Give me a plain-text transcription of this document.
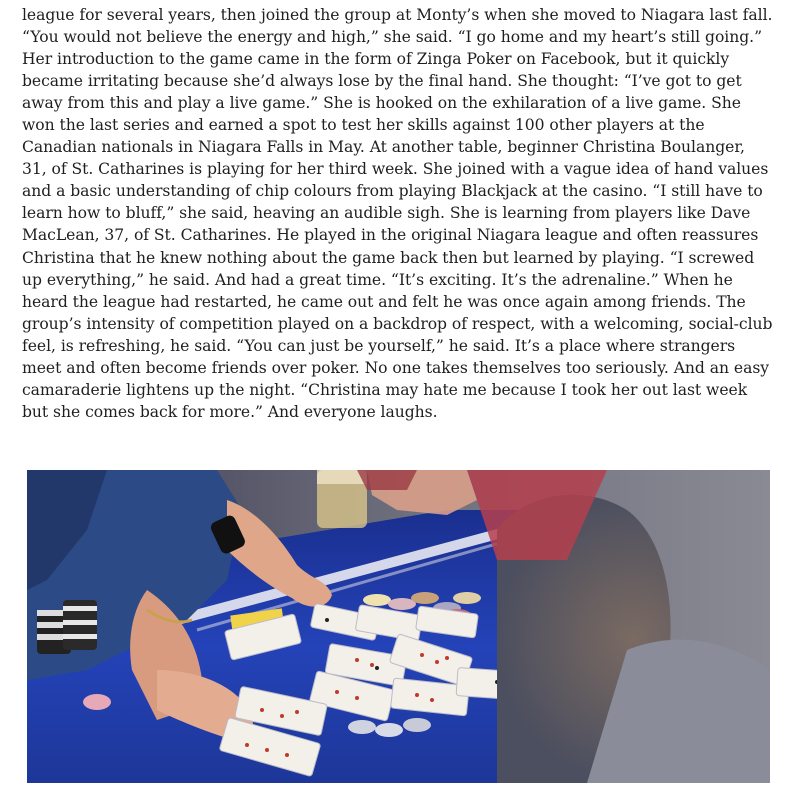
league for several years, then joined the group at Monty’s when she moved to Niagara last fall. “You would not believe the energy and high,” she said. “I go home and my heart’s still going.” Her introduction to the game came in the form of Zinga Poker on Facebook, but it quickly became irritating because she’d always lose by the final hand. She thought: “I’ve got to get away from this and play a live game.” She is hooked on the exhilaration of a live game. She won the last series and earned a spot to test her skills against 100 other players at the Canadian nationals in Niagara Falls in May. At another table, beginner Christina Boulanger, 31, of St. Catharines is playing for her third week. She joined with a vague idea of hand values and a basic understanding of chip colours from playing Blackjack at the casino. “I still have to learn how to bluff,” she said, heaving an audible sigh. She is learning from players like Dave MacLean, 37, of St. Catharines. He played in the original Niagara league and often reassures Christina that he knew nothing about the game back then but learned by playing. “I screwed up everything,” he said. And had a great time. “It’s exciting. It’s the adrenaline.” When he heard the league had restarted, he came out and felt he was once again among friends. The group’s intensity of competition played on a backdrop of respect, with a welcoming, social-club feel, is refreshing, he said. “You can just be yourself,” he said. It’s a place where strangers meet and often become friends over poker. No one takes themselves too seriously. And an easy camaraderie lightens up the night. “Christina may hate me because I took her out last week but she comes back for more.” And everyone laughs.
